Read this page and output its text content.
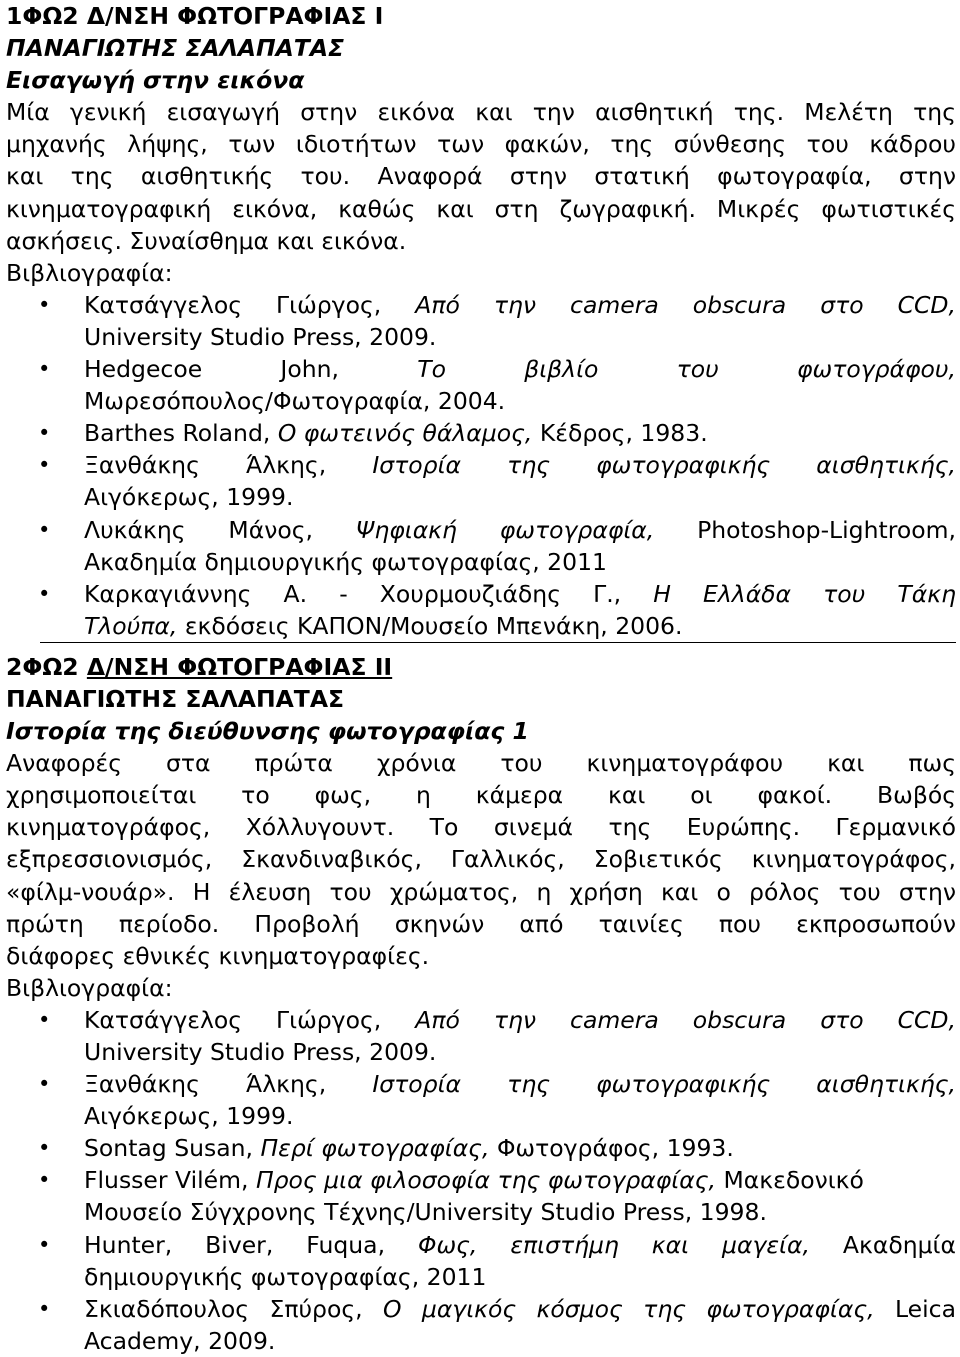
1ΦΩ2 Δ/ΝΣΗ ΦΩΤΟΓΡΑΦΙΑΣ Ι
ΠΑΝΑΓΙΩΤΗΣ ΣΑΛΑΠΑΤΑΣ
Εισαγωγή στην εικόνα
Μία γενική εισαγωγή στην εικόνα και την αισθητική της. Μελέτη της
μηχανής λήψης, των ιδιοτήτων των φακών, της σύνθεσης του κάδρου
και της αισθητικής του. Αναφορά στην στατική φωτογραφία, στην
κινηματογραφική εικόνα, καθώς και στη ζωγραφική. Μικρές φωτιστικές
ασκήσεις. Συναίσθημα και εικόνα.
Βιβλιογραφία:
• Κατσάγγελος Γιώργος, Από την camera obscura στο CCD,
University Studio Press, 2009.
• Hedgecoe John,	Το βιβλίο του φωτογράφου,
Μωρεσόπουλος/Φωτογραφία, 2004.
• Barthes Roland, Ο φωτεινός θάλαμος, Κέδρος, 1983.
• Ξανθάκης Άλκης, Ιστορία της φωτογραφικής αισθητικής,
Αιγόκερως, 1999.
• Λυκάκης Μάνος, Ψηφιακή φωτογραφία, Photoshop-Lightroom,
Ακαδημία δημιουργικής φωτογραφίας, 2011
• Καρκαγιάννης Α. - Χουρμουζιάδης Γ., Η Ελλάδα του Τάκη
Τλούπα, εκδόσεις ΚΑΠΟΝ/Μουσείο Μπενάκη, 2006.
2ΦΩ2 Δ/ΝΣΗ ΦΩΤΟΓΡΑΦΙΑΣ ΙΙ
ΠΑΝΑΓΙΩΤΗΣ ΣΑΛΑΠΑΤΑΣ
Ιστορία της διεύθυνσης φωτογραφίας 1
Αναφορές στα πρώτα χρόνια του κινηματογράφου και πως
χρησιμοποιείται το φως, η κάμερα και οι φακοί. Βωβός
κινηματογράφος, Χόλλυγουντ. Το σινεμά της Ευρώπης. Γερμανικό
εξπρεσσιονισμός, Σκανδιναβικός, Γαλλικός, Σοβιετικός κινηματογράφος,
«φίλμ-νουάρ». Η έλευση του χρώματος, η χρήση και ο ρόλος του στην
πρώτη περίοδο. Προβολή σκηνών από ταινίες που εκπροσωπούν
διάφορες εθνικές κινηματογραφίες.
Βιβλιογραφία:
• Κατσάγγελος Γιώργος, Από την camera obscura στο CCD,
University Studio Press, 2009.
• Ξανθάκης Άλκης, Ιστορία της φωτογραφικής αισθητικής,
Αιγόκερως, 1999.
• Sontag Susan, Περί φωτογραφίας, Φωτογράφος, 1993.
• Flusser Vilém, Προς μια φιλοσοφία της φωτογραφίας, Μακεδονικό
Μουσείο Σύγχρονης Τέχνης/University Studio Press, 1998.
• Hunter, Biver, Fuqua, Φως, επιστήμη και μαγεία, Ακαδημία
δημιουργικής φωτογραφίας, 2011
• Σκιαδόπουλος Σπύρος, Ο μαγικός κόσμος της φωτογραφίας, Leica
Academy, 2009.
